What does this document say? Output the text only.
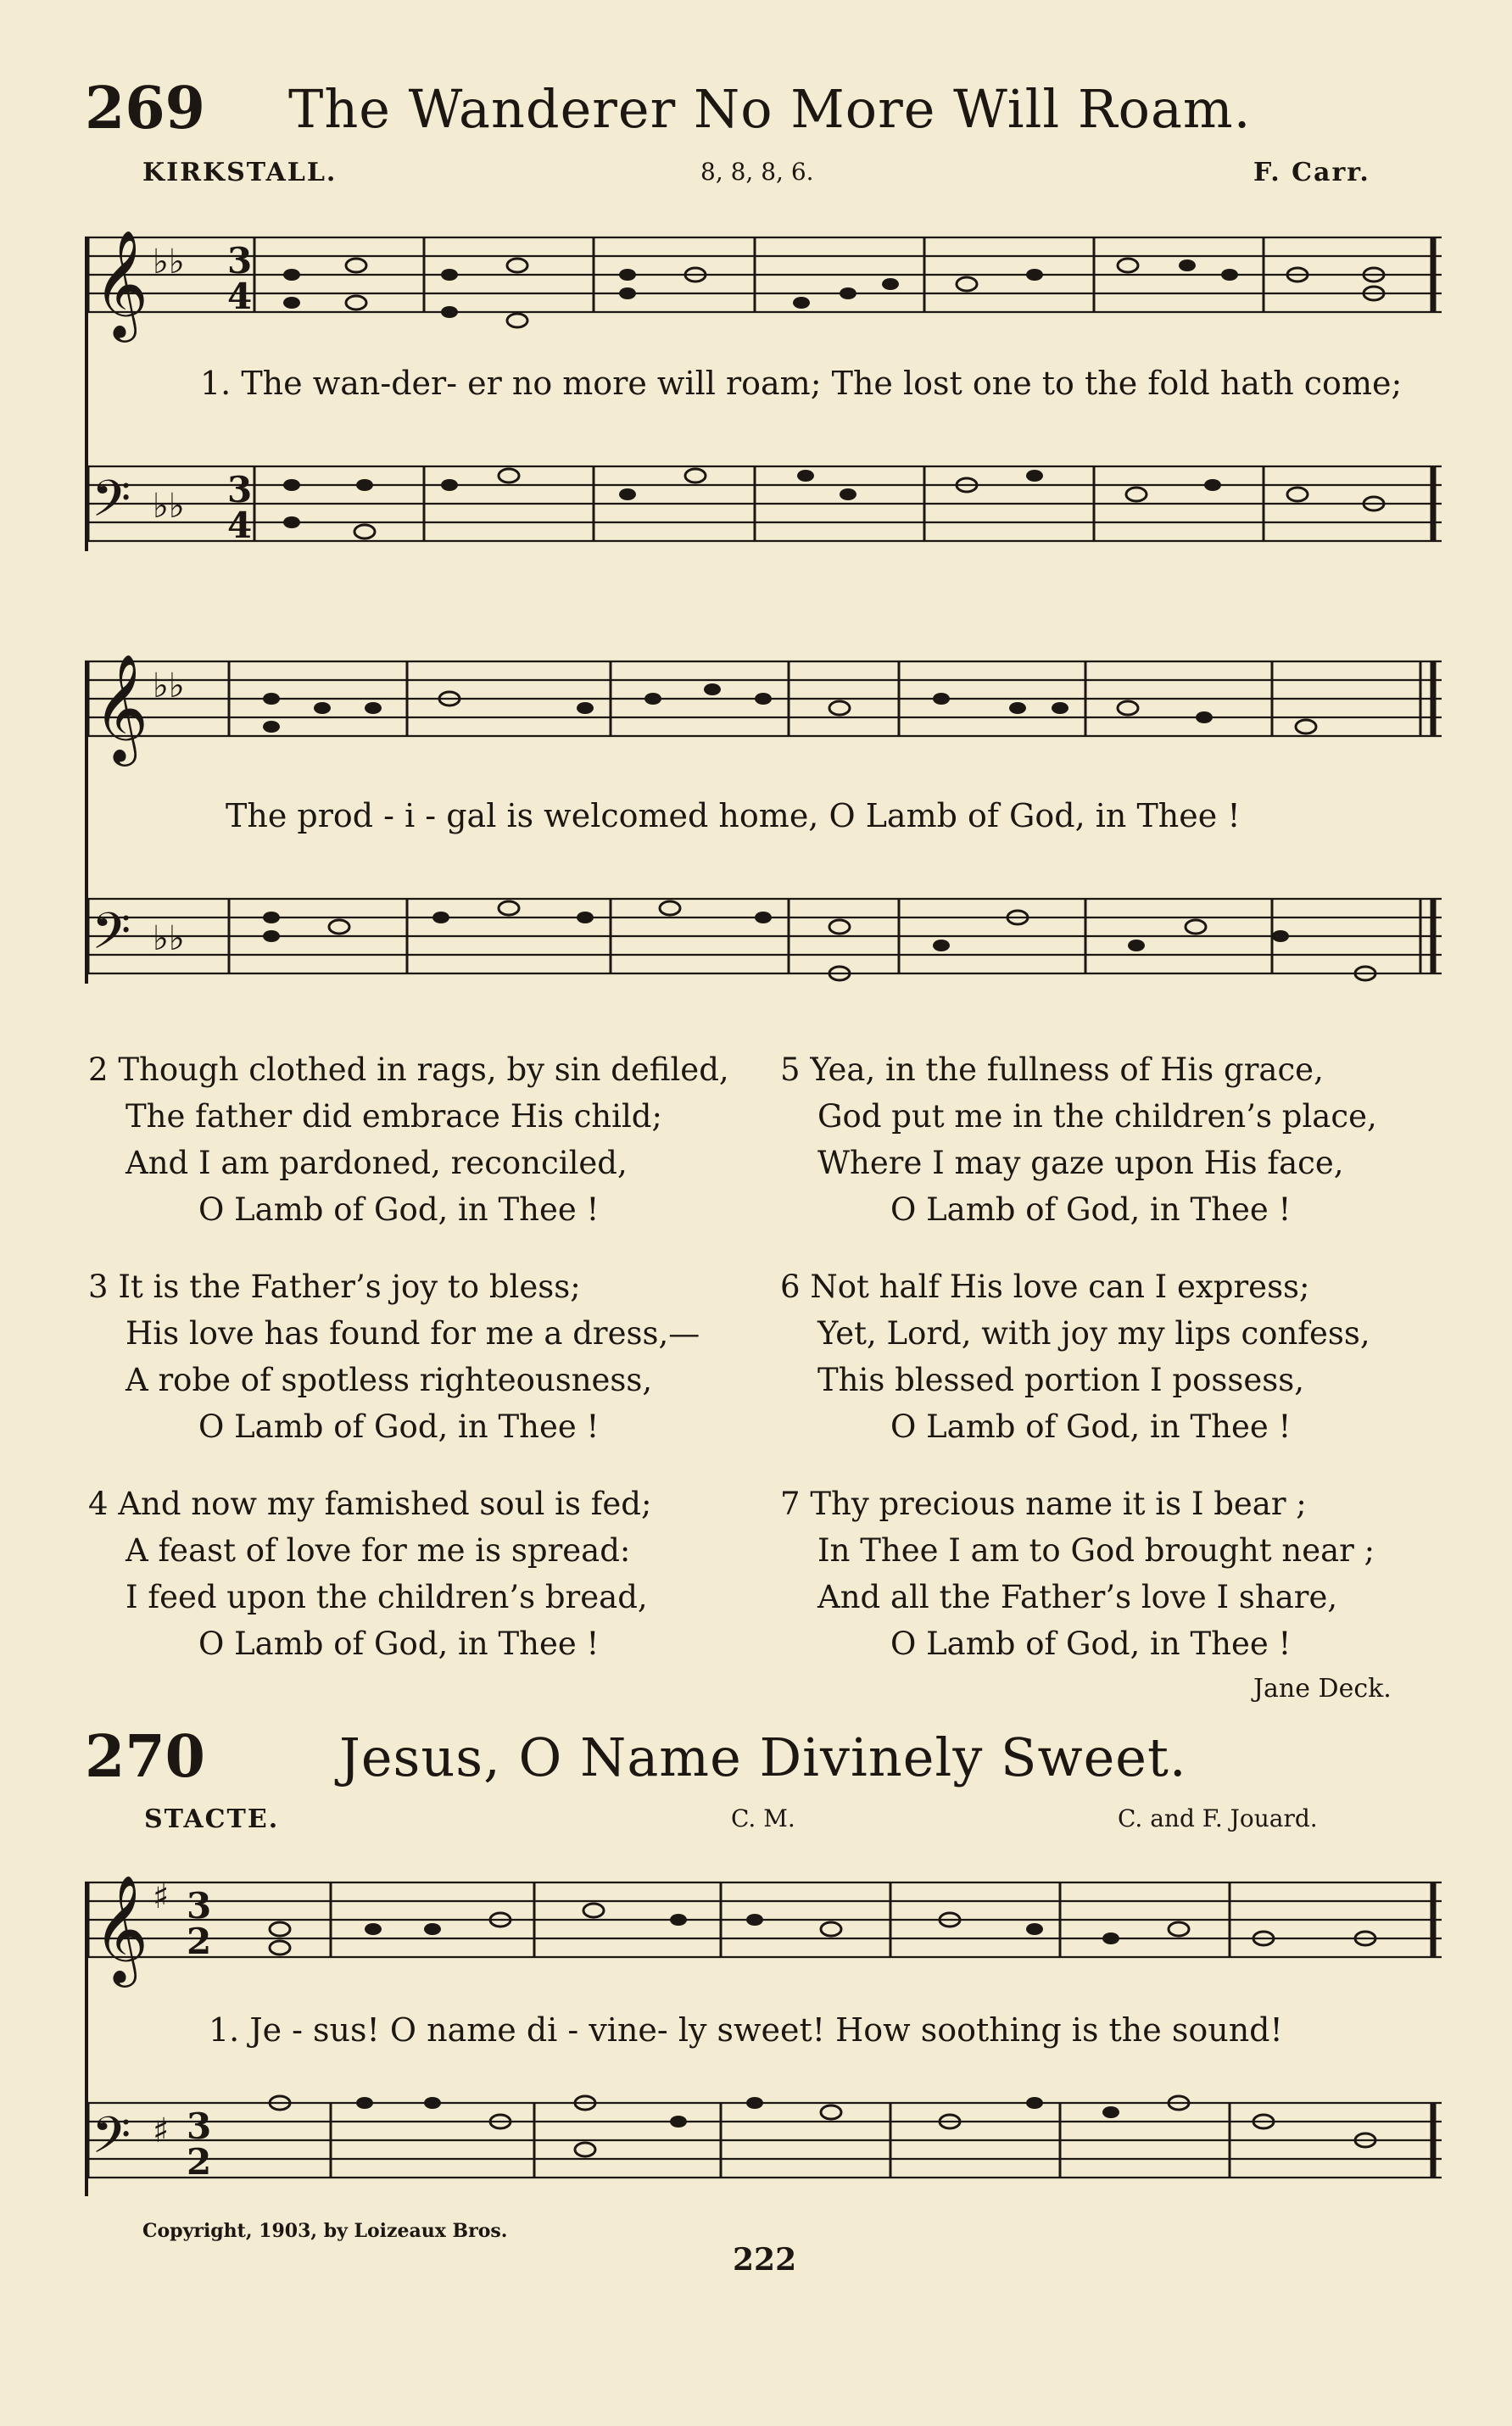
269 The Wanderer No More Will Roam.
KIRKSTALL.	8, 8, 8, 6.	F. Carr.
𝄞 ♭♭ 3
4
1. The wan-der- er no more will roam; The lost one to the fold hath come;
𝄢 ♭♭ 3
4
𝄞 ♭♭
The prod - i - gal is welcomed home, O Lamb of God, in Thee !
𝄢 ♭♭
2 Though clothed in rags, by sin defiled,
The father did embrace His child;
And I am pardoned, reconciled,
O Lamb of God, in Thee !
3 It is the Father’s joy to bless;
His love has found for me a dress,—
A robe of spotless righteousness,
O Lamb of God, in Thee !
4 And now my famished soul is fed;
A feast of love for me is spread:
I feed upon the children’s bread,
O Lamb of God, in Thee !
5 Yea, in the fullness of His grace,
God put me in the children’s place,
Where I may gaze upon His face,
O Lamb of God, in Thee !
6 Not half His love can I express;
Yet, Lord, with joy my lips confess,
This blessed portion I possess,
O Lamb of God, in Thee !
7 Thy precious name it is I bear ;
In Thee I am to God brought near ;
And all the Father’s love I share,
O Lamb of God, in Thee !
Jane Deck.
270	Jesus, O Name Divinely Sweet.
STACTE.	C. M.	C. and F. Jouard.
𝄞 ♯ 3
2
1. Je - sus! O name di - vine- ly sweet! How soothing is the sound!
𝄢 ♯ 3
2
Copyright, 1903, by Loizeaux Bros.
222
